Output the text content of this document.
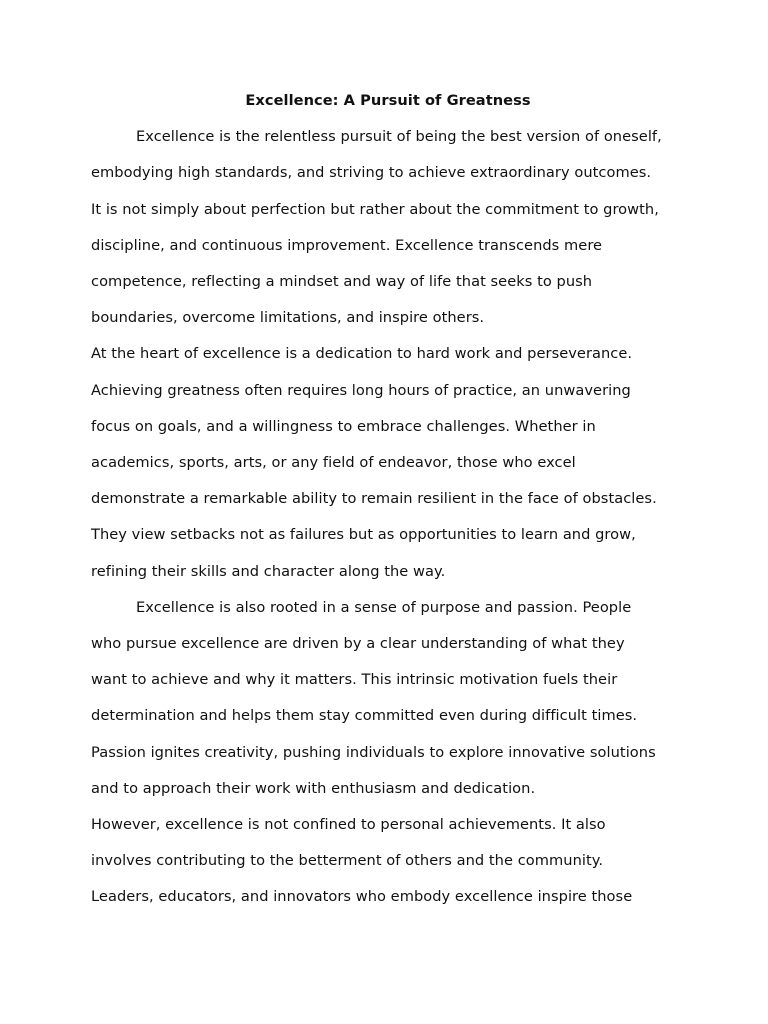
Excellence: A Pursuit of Greatness

Excellence is the relentless pursuit of being the best version of oneself,
embodying high standards, and striving to achieve extraordinary outcomes.
It is not simply about perfection but rather about the commitment to growth,
discipline, and continuous improvement. Excellence transcends mere
competence, reflecting a mindset and way of life that seeks to push
boundaries, overcome limitations, and inspire others.

At the heart of excellence is a dedication to hard work and perseverance.
Achieving greatness often requires long hours of practice, an unwavering
focus on goals, and a willingness to embrace challenges. Whether in
academics, sports, arts, or any field of endeavor, those who excel
demonstrate a remarkable ability to remain resilient in the face of obstacles.
They view setbacks not as failures but as opportunities to learn and grow,
refining their skills and character along the way.

Excellence is also rooted in a sense of purpose and passion. People
who pursue excellence are driven by a clear understanding of what they
want to achieve and why it matters. This intrinsic motivation fuels their
determination and helps them stay committed even during difficult times.
Passion ignites creativity, pushing individuals to explore innovative solutions
and to approach their work with enthusiasm and dedication.

However, excellence is not confined to personal achievements. It also
involves contributing to the betterment of others and the community.
Leaders, educators, and innovators who embody excellence inspire those
